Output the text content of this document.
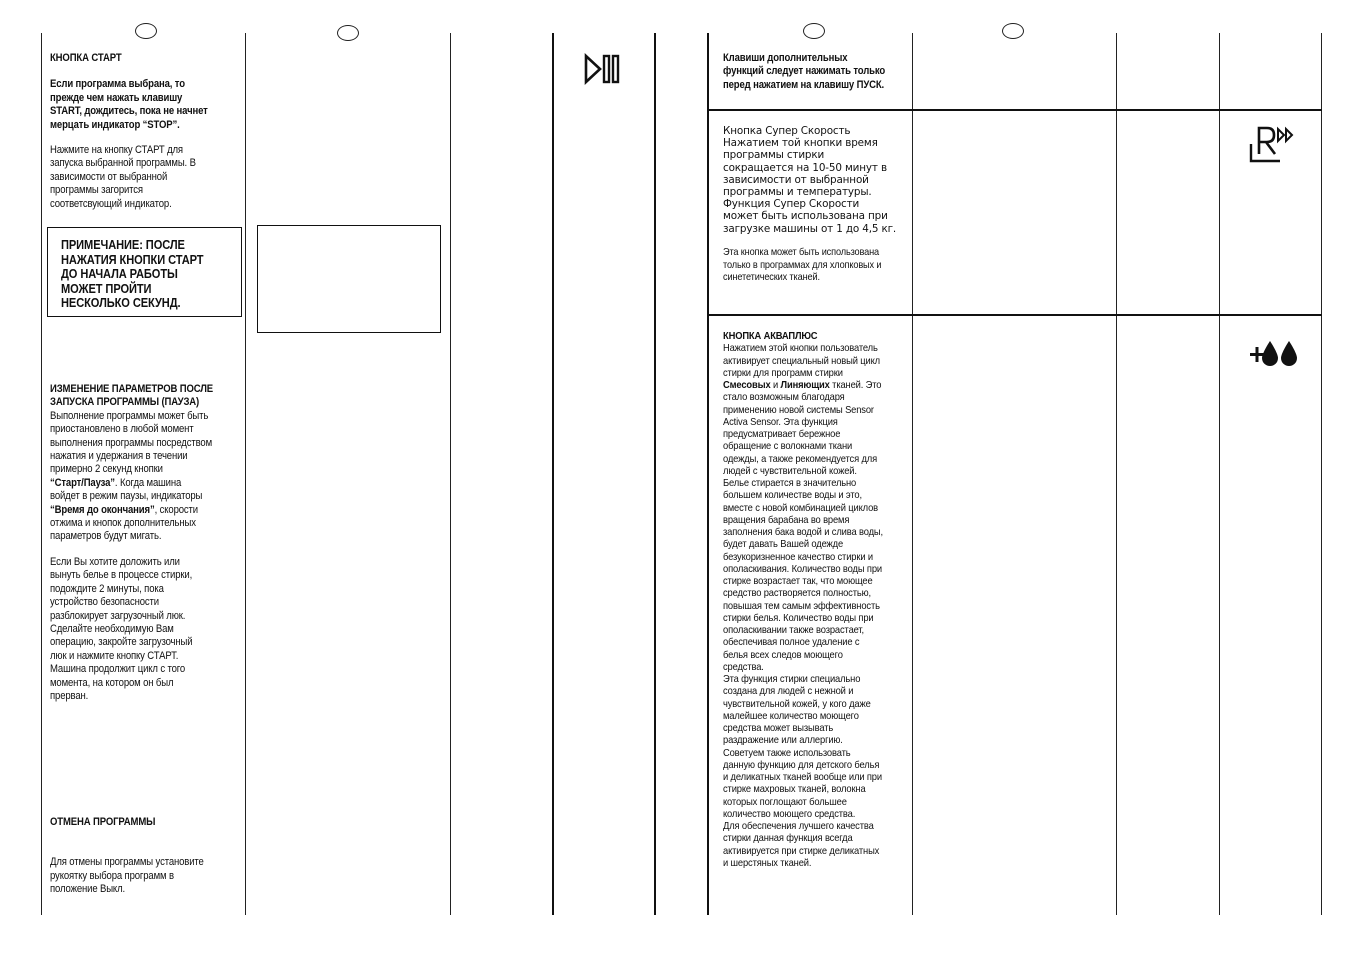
КНОПКА СТАРТ

Если программа выбрана, то
прежде чем нажать клавишу
START, дождитесь, пока не начнет
мерцать индикатор “STOP”.

Нажмите на кнопку СТАРТ для
запуска выбранной программы. В
зависимости от выбранной
программы загорится
соответсвующий индикатор.

ПРИМЕЧАНИЕ: ПОСЛЕ
НАЖАТИЯ КНОПКИ СТАРТ
ДО НАЧАЛА РАБОТЫ
МОЖЕТ ПРОЙТИ
НЕСКОЛЬКО СЕКУНД.

ИЗМЕНЕНИЕ ПАРАМЕТРОВ ПОСЛЕ
ЗАПУСКА ПРОГРАММЫ (ПАУЗА)

Выполнение программы может быть
приостановлено в любой момент
выполнения программы посредством
нажатия и удержания в течении
примерно 2 секунд кнопки
“Старт/Пауза”. Когда машина
войдет в режим паузы, индикаторы
“Время до окончания”, скорости
отжима и кнопок дополнительных
параметров будут мигать.

Если Вы хотите доложить или
вынуть белье в процессе стирки,
подождите 2 минуты, пока
устройство безопасности
разблокирует загрузочный люк.
Сделайте необходимую Вам
операцию, закройте загрузочный
люк и нажмите кнопку СТАРТ.
Машина продолжит цикл с того
момента, на котором он был
прерван.

ОТМЕНА ПРОГРАММЫ

Для отмены программы установите
рукоятку выбора программ в
положение Выкл.

Клавиши дополнительных
функций следует нажимать только
перед нажатием на клавишу ПУСК.

Кнопка Супер Скорость

Нажатием той кнопки время
программы стирки
сокращается на 10-50 минут в
зависимости от выбранной
программы и температуры.
Функция Супер Скорости
может быть использована при
загрузке машины от 1 до 4,5 кг.

Эта кнопка может быть использована
только в программах для хлопковых и
синететических тканей.

КНОПКА АКВАПЛЮС

Нажатием этой кнопки пользователь
активирует специальный новый цикл
стирки для программ стирки
Смесовых и Линяющих тканей. Это
стало возможным благодаря
применению новой системы Sensor
Activa Sensor. Эта функция
предусматривает бережное
обращение с волокнами ткани
одежды, а также рекомендуется для
людей с чувствительной кожей.
Белье стирается в значительно
большем количестве воды и это,
вместе с новой комбинацией циклов
вращения барабана во время
заполнения бака водой и слива воды,
будет давать Вашей одежде
безукоризненное качество стирки и
ополаскивания. Количество воды при
стирке возрастает так, что моющее
средство растворяется полностью,
повышая тем самым эффективность
стирки белья. Количество воды при
ополаскивании также возрастает,
обеспечивая полное удаление с
белья всех следов моющего
средства.
Эта функция стирки специально
создана для людей с нежной и
чувствительной кожей, у кого даже
малейшее количество моющего
средства может вызывать
раздражение или аллергию.
Советуем также использовать
данную функцию для детского белья
и деликатных тканей вообще или при
стирке махровых тканей, волокна
которых поглощают большее
количество моющего средства.
Для обеспечения лучшего качества
стирки данная функция всегда
активируется при стирке деликатных
и шерстяных тканей.
